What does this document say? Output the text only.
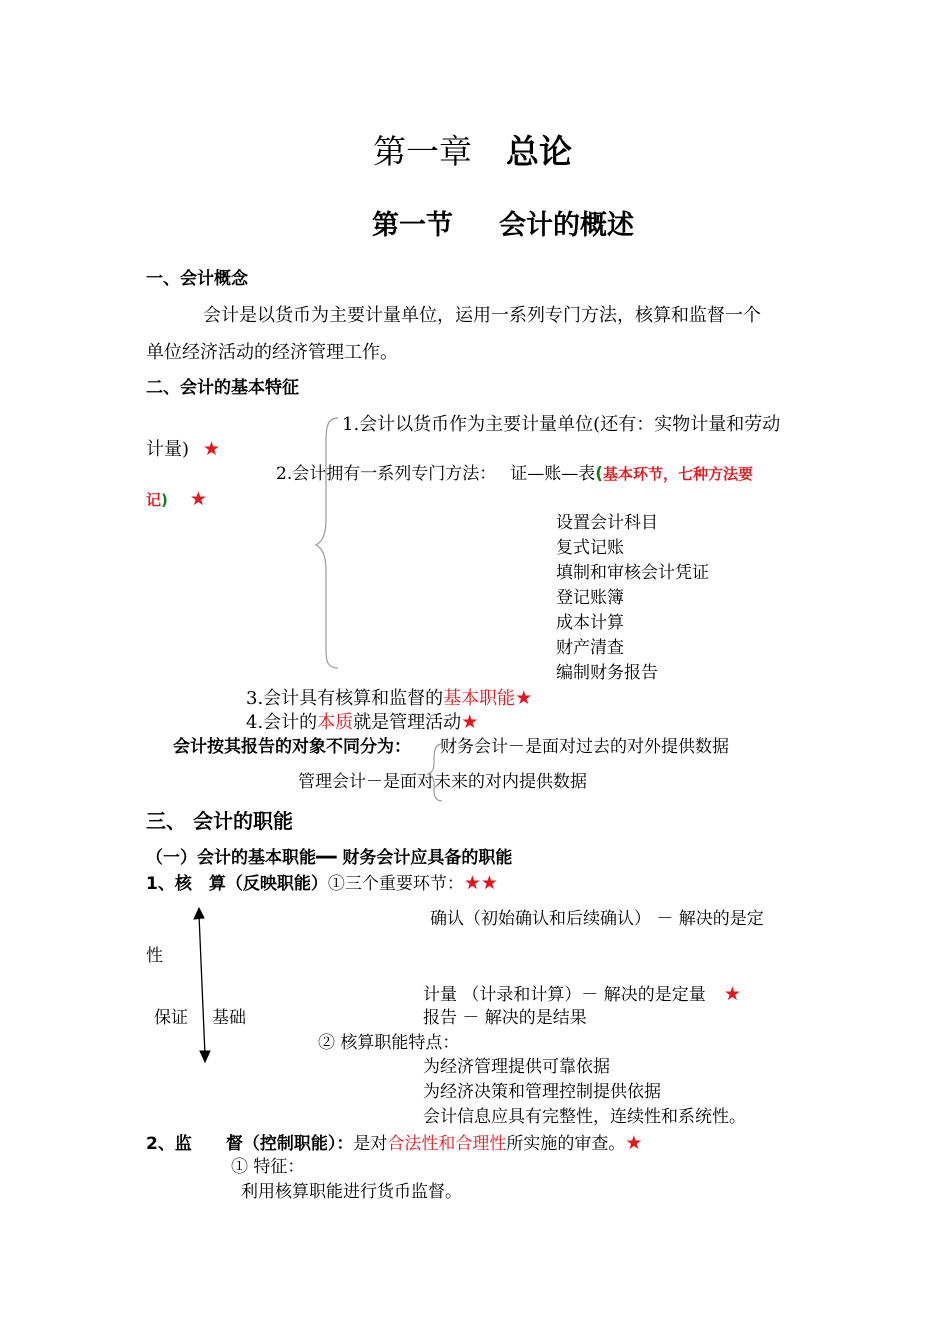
第一章 总论
第一节 会计的概述
一、会计概念
会计是以货币为主要计量单位，运用一系列专门方法，核算和监督一个
单位经济活动的经济管理工作。
二、会计的基本特征
1.会计以货币作为主要计量单位(还有：实物计量和劳动
计量) ★
2.会计拥有一系列专门方法： 证—账—表(基本环节，七种方法要
记) ★
设置会计科目
复式记账
填制和审核会计凭证
登记账簿
成本计算
财产清查
编制财务报告
3.会计具有核算和监督的基本职能★
4.会计的本质就是管理活动★
会计按其报告的对象不同分为： 财务会计－是面对过去的对外提供数据
管理会计－是面对未来的对内提供数据
三、 会计的职能
（一）会计的基本职能━━ 财务会计应具备的职能
1、核　算（反映职能）①三个重要环节：★★
确认（初始确认和后续确认） － 解决的是定
性
计量 （计录和计算）－ 解决的是定量 ★
保证 基础	报告 － 解决的是结果
② 核算职能特点：
为经济管理提供可靠依据
为经济决策和管理控制提供依据
会计信息应具有完整性，连续性和系统性。
2、监　　督（控制职能）：是对合法性和合理性所实施的审查。★
① 特征：
利用核算职能进行货币监督。
